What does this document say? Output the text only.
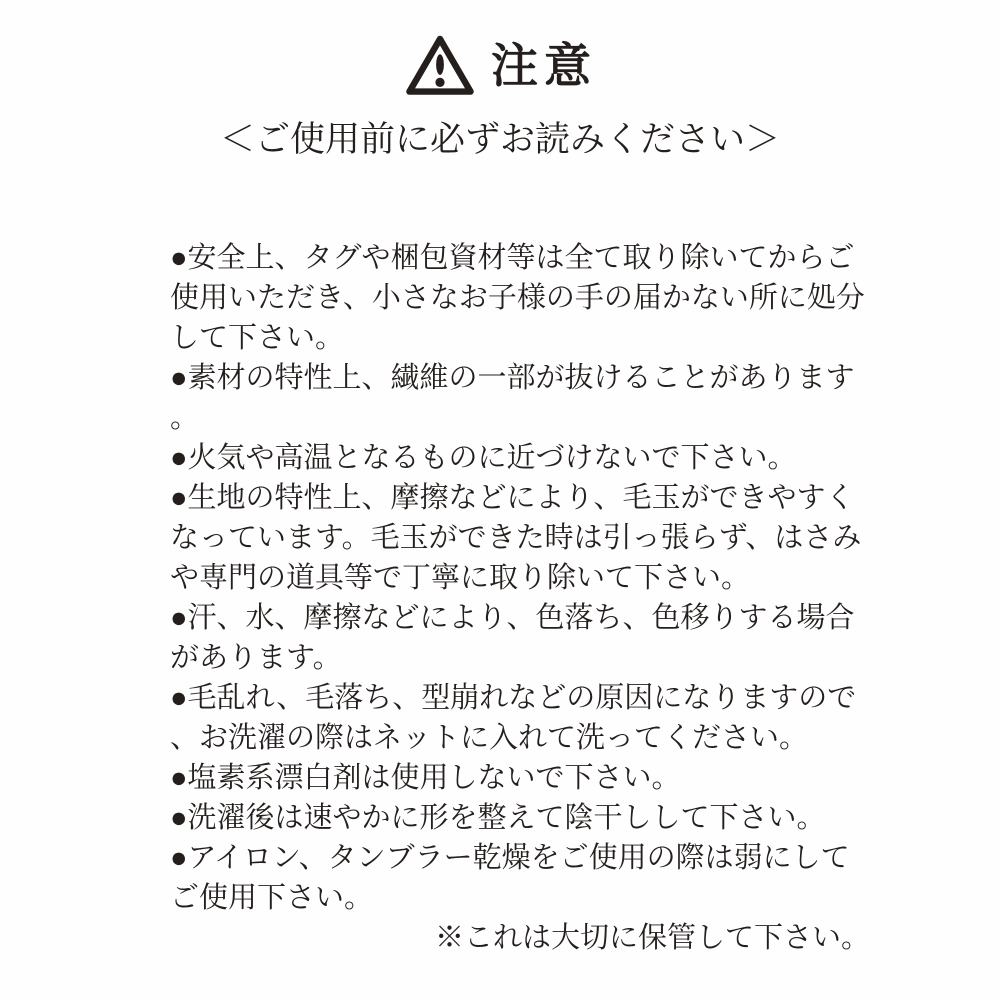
注意
＜ご使用前に必ずお読みください＞
●安全上、タグや梱包資材等は全て取り除いてからご使用いただき、小さなお子様の手の届かない所に処分して下さい。
●素材の特性上、繊維の一部が抜けることがあります。
●火気や高温となるものに近づけないで下さい。
●生地の特性上、摩擦などにより、毛玉ができやすくなっています。毛玉ができた時は引っ張らず、はさみや専門の道具等で丁寧に取り除いて下さい。
●汗、水、摩擦などにより、色落ち、色移りする場合があります。
●毛乱れ、毛落ち、型崩れなどの原因になりますので、お洗濯の際はネットに入れて洗ってください。
●塩素系漂白剤は使用しないで下さい。
●洗濯後は速やかに形を整えて陰干しして下さい。
●アイロン、タンブラー乾燥をご使用の際は弱にしてご使用下さい。
※これは大切に保管して下さい。
